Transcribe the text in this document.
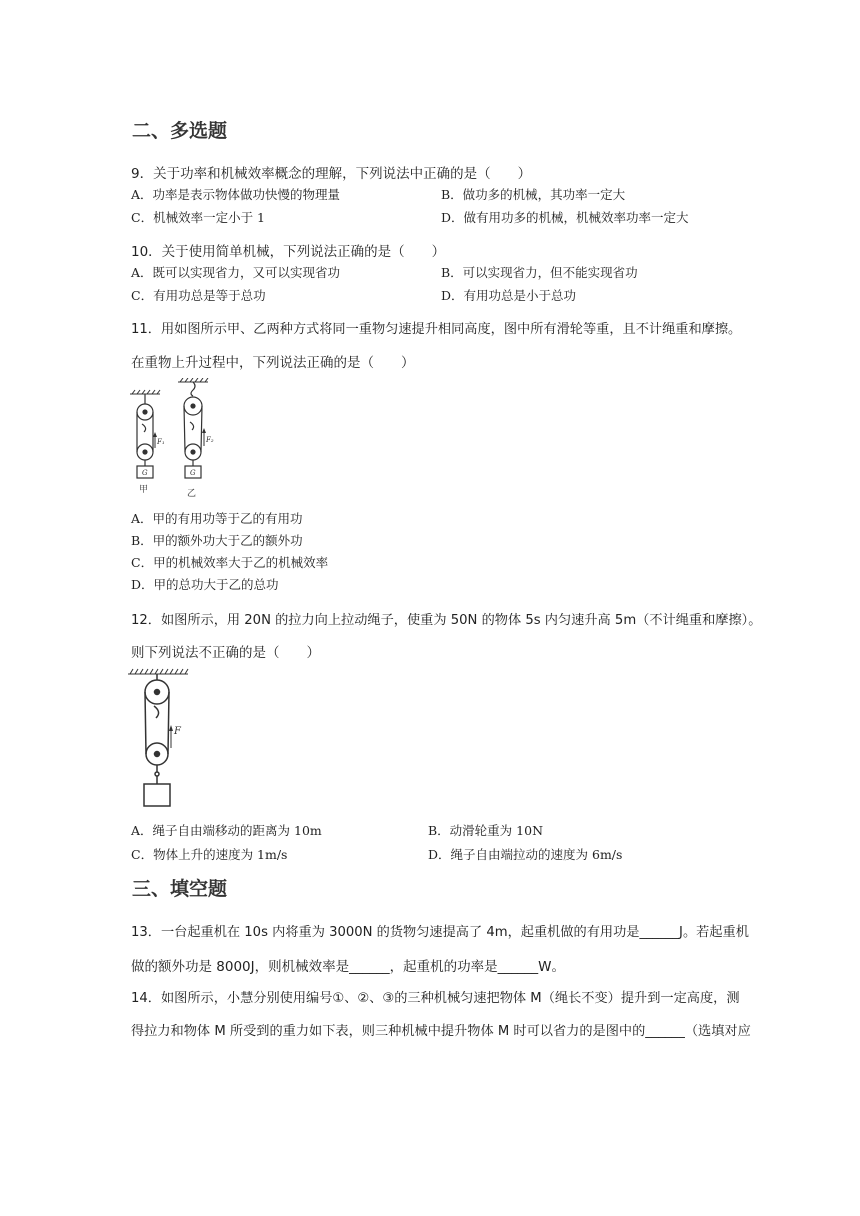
二、多选题
9．关于功率和机械效率概念的理解，下列说法中正确的是（　　）
A．功率是表示物体做功快慢的物理量	B．做功多的机械，其功率一定大
C．机械效率一定小于 1	D．做有用功多的机械，机械效率功率一定大
10．关于使用简单机械，下列说法正确的是（　　）
A．既可以实现省力，又可以实现省功	B．可以实现省力，但不能实现省功
C．有用功总是等于总功	D．有用功总是小于总功
11．用如图所示甲、乙两种方式将同一重物匀速提升相同高度，图中所有滑轮等重，且不计绳重和摩擦。
在重物上升过程中，下列说法正确的是（　　）
F₁
G
甲
F₂
G
乙
A．甲的有用功等于乙的有用功
B．甲的额外功大于乙的额外功
C．甲的机械效率大于乙的机械效率
D．甲的总功大于乙的总功
12．如图所示，用 20N 的拉力向上拉动绳子，使重为 50N 的物体 5s 内匀速升高 5m（不计绳重和摩擦）。
则下列说法不正确的是（　　）
F
A．绳子自由端移动的距离为 10m	B．动滑轮重为 10N
C．物体上升的速度为 1m/s	D．绳子自由端拉动的速度为 6m/s
三、填空题
13．一台起重机在 10s 内将重为 3000N 的货物匀速提高了 4m，起重机做的有用功是______J。若起重机
做的额外功是 8000J，则机械效率是______，起重机的功率是______W。
14．如图所示，小慧分别使用编号①、②、③的三种机械匀速把物体 M（绳长不变）提升到一定高度，测
得拉力和物体 M 所受到的重力如下表，则三种机械中提升物体 M 时可以省力的是图中的______（选填对应
